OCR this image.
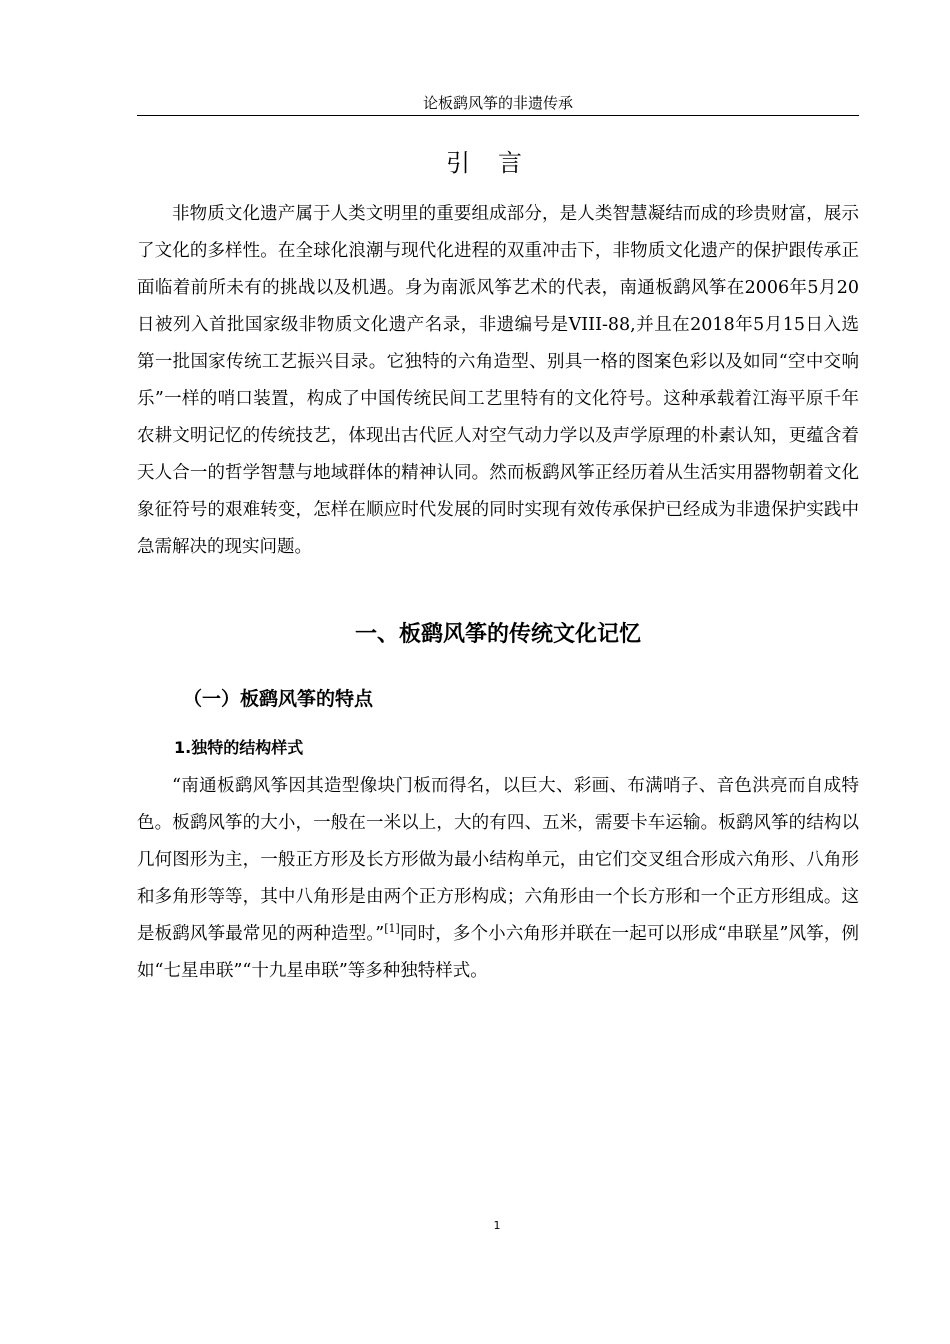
论板鹞风筝的非遗传承
引言

非物质文化遗产属于人类文明里的重要组成部分，是人类智慧凝结而成的珍贵财富，展示了文化的多样性。在全球化浪潮与现代化进程的双重冲击下，非物质文化遗产的保护跟传承正面临着前所未有的挑战以及机遇。身为南派风筝艺术的代表，南通板鹞风筝在2006年5月20日被列入首批国家级非物质文化遗产名录，非遗编号是VIII-88,并且在2018年5月15日入选第一批国家传统工艺振兴目录。它独特的六角造型、别具一格的图案色彩以及如同“空中交响乐”一样的哨口装置，构成了中国传统民间工艺里特有的文化符号。这种承载着江海平原千年农耕文明记忆的传统技艺，体现出古代匠人对空气动力学以及声学原理的朴素认知，更蕴含着天人合一的哲学智慧与地域群体的精神认同。然而板鹞风筝正经历着从生活实用器物朝着文化象征符号的艰难转变，怎样在顺应时代发展的同时实现有效传承保护已经成为非遗保护实践中急需解决的现实问题。

一、板鹞风筝的传统文化记忆
（一）板鹞风筝的特点
1.独特的结构样式

“南通板鹞风筝因其造型像块门板而得名，以巨大、彩画、布满哨子、音色洪亮而自成特色。板鹞风筝的大小，一般在一米以上，大的有四、五米，需要卡车运输。板鹞风筝的结构以几何图形为主，一般正方形及长方形做为最小结构单元，由它们交叉组合形成六角形、八角形和多角形等等，其中八角形是由两个正方形构成；六角形由一个长方形和一个正方形组成。这是板鹞风筝最常见的两种造型。”[1]同时，多个小六角形并联在一起可以形成“串联星”风筝，例如“七星串联”“十九星串联”等多种独特样式。

1
